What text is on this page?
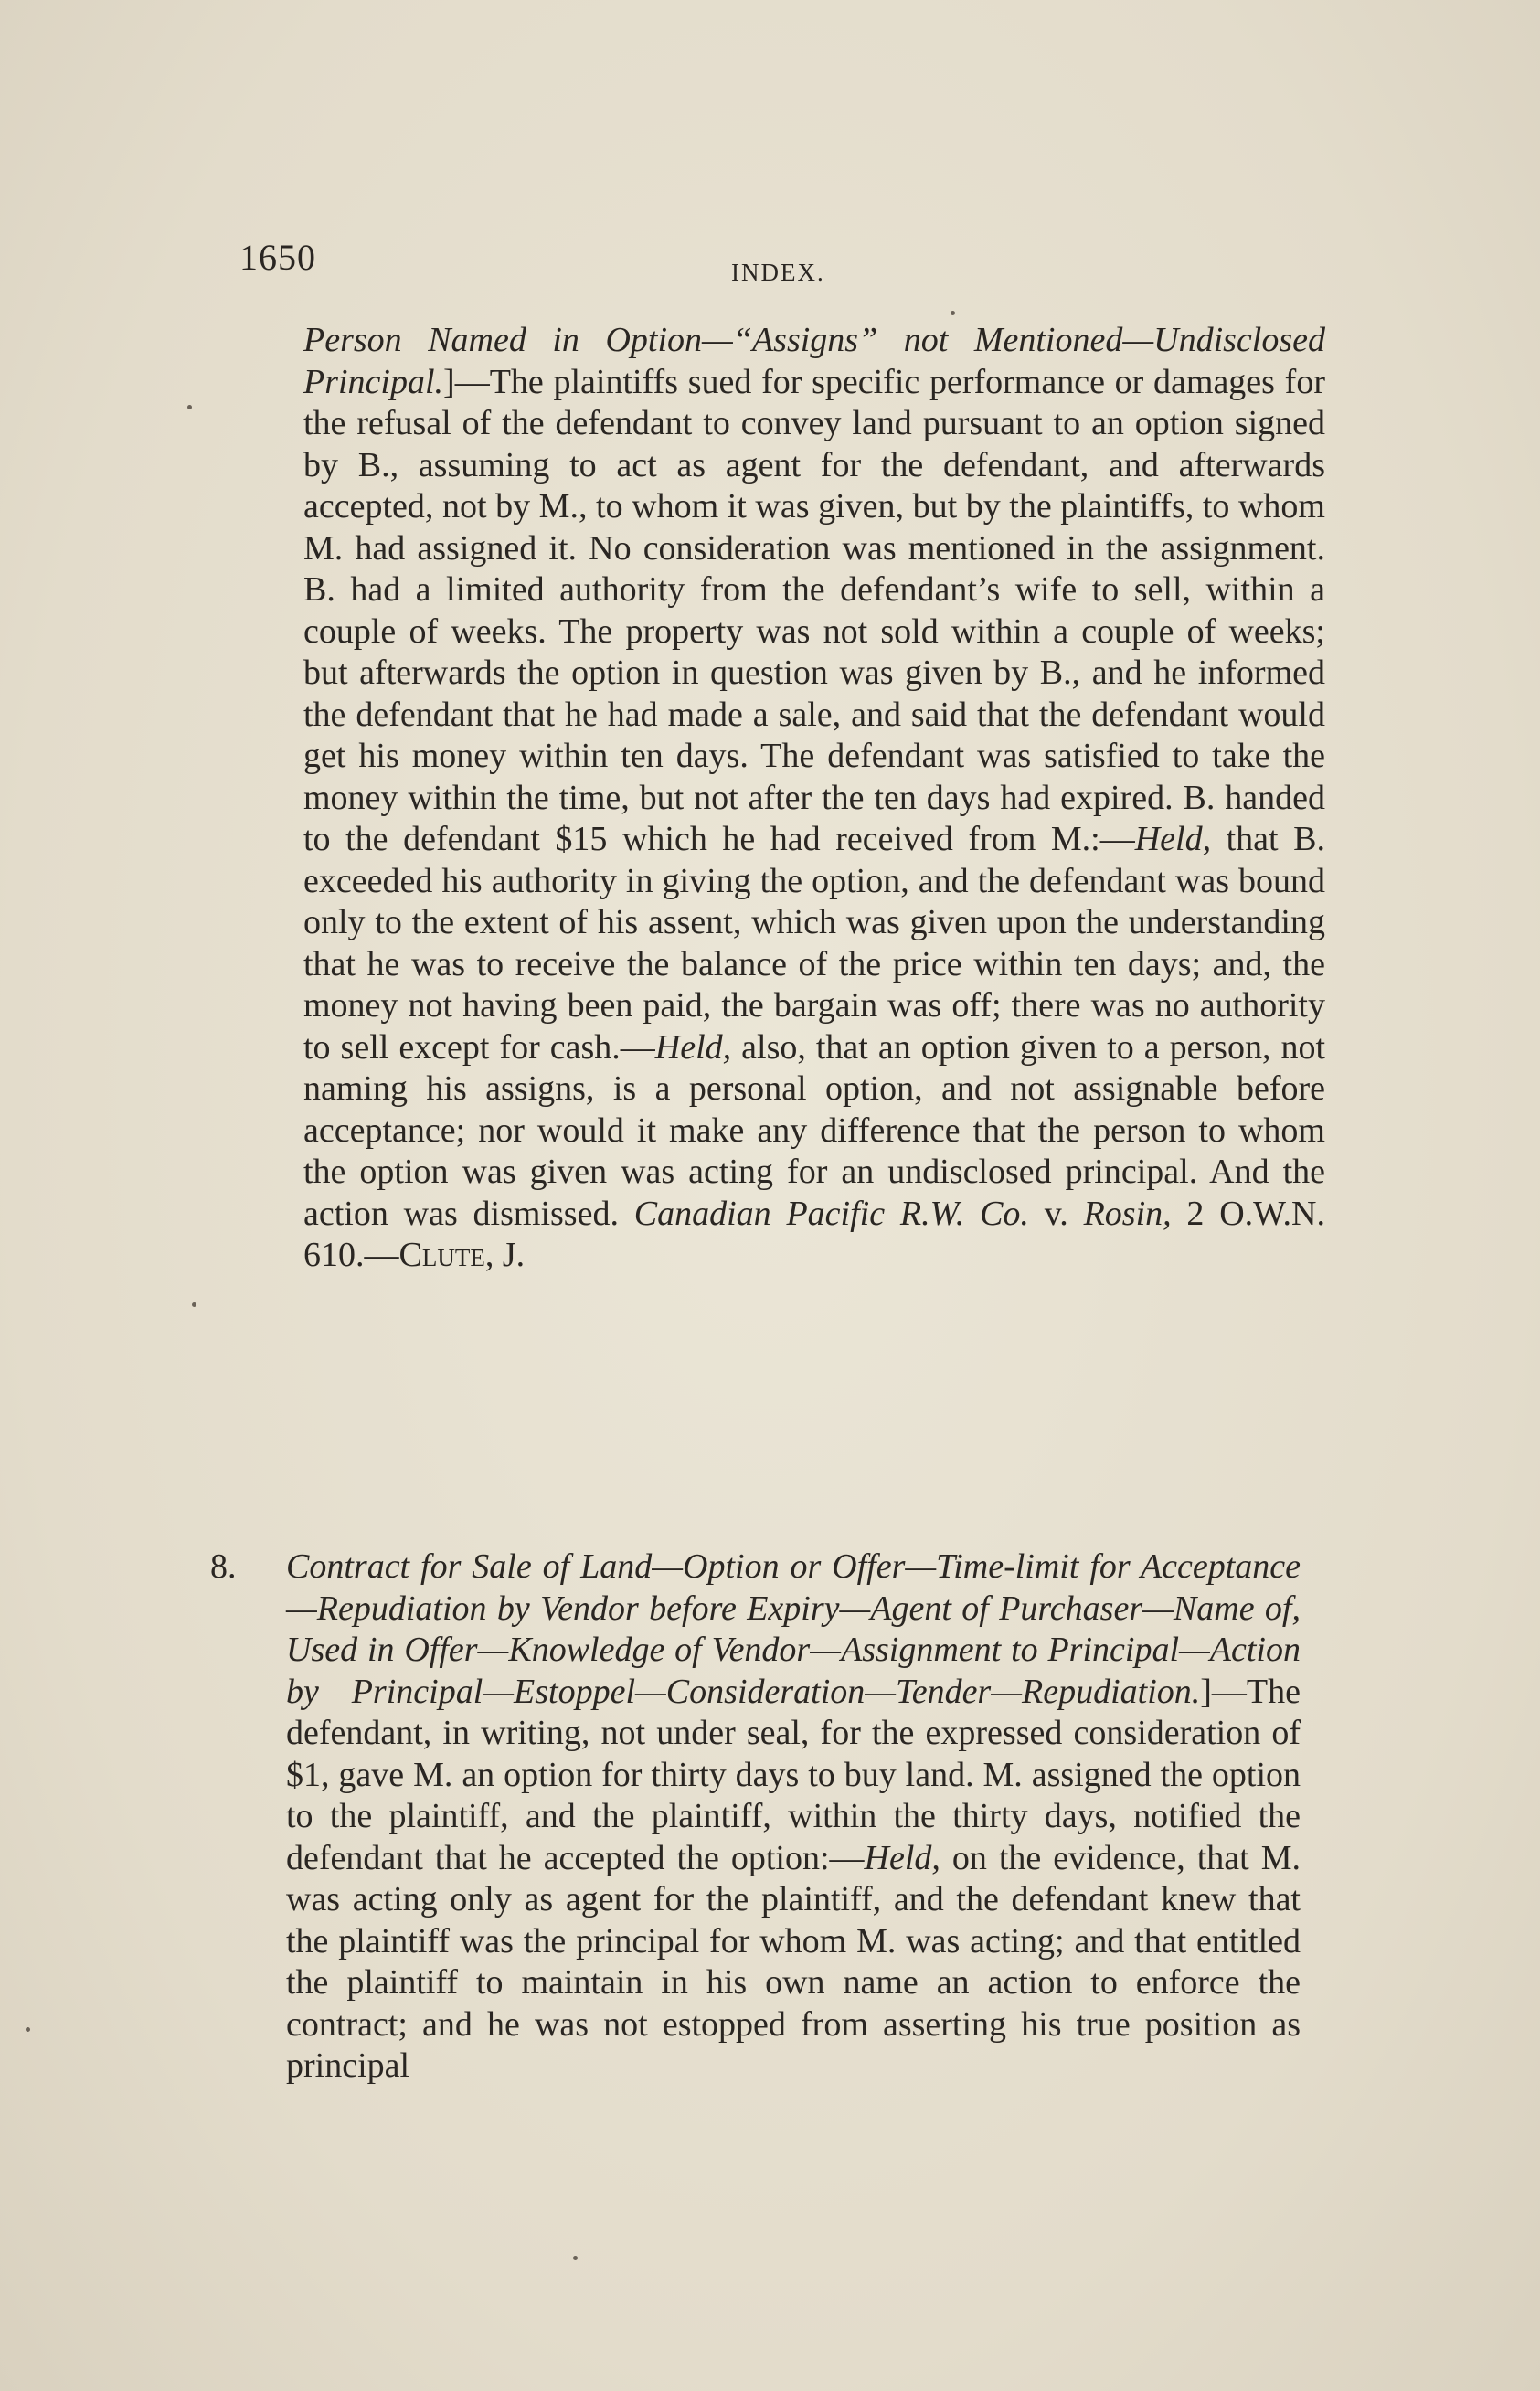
1650	INDEX.

Person Named in Option—“Assigns” not Mentioned—Undisclosed Principal.]—The plaintiffs sued for specific performance or damages for the refusal of the defendant to convey land pursuant to an option signed by B., assuming to act as agent for the defendant, and afterwards accepted, not by M., to whom it was given, but by the plaintiffs, to whom M. had assigned it. No consideration was mentioned in the assignment. B. had a limited authority from the defendant’s wife to sell, within a couple of weeks. The property was not sold within a couple of weeks; but afterwards the option in question was given by B., and he informed the defendant that he had made a sale, and said that the defendant would get his money within ten days. The defendant was satisfied to take the money within the time, but not after the ten days had expired. B. handed to the defendant $15 which he had received from M.:—Held, that B. exceeded his authority in giving the option, and the defendant was bound only to the extent of his assent, which was given upon the understanding that he was to receive the balance of the price within ten days; and, the money not having been paid, the bargain was off; there was no authority to sell except for cash.—Held, also, that an option given to a person, not naming his assigns, is a personal option, and not assignable before acceptance; nor would it make any difference that the person to whom the option was given was acting for an undisclosed principal. And the action was dismissed. Canadian Pacific R.W. Co. v. Rosin, 2 O.W.N. 610.—Clute, J.

8. Contract for Sale of Land—Option or Offer—Time-limit for Acceptance—Repudiation by Vendor before Expiry—Agent of Purchaser—Name of, Used in Offer—Knowledge of Vendor—Assignment to Principal—Action by Principal—Estoppel—Consideration—Tender—Repudiation.]—The defendant, in writing, not under seal, for the expressed consideration of $1, gave M. an option for thirty days to buy land. M. assigned the option to the plaintiff, and the plaintiff, within the thirty days, notified the defendant that he accepted the option:—Held, on the evidence, that M. was acting only as agent for the plaintiff, and the defendant knew that the plaintiff was the principal for whom M. was acting; and that entitled the plaintiff to maintain in his own name an action to enforce the contract; and he was not estopped from asserting his true position as principal
